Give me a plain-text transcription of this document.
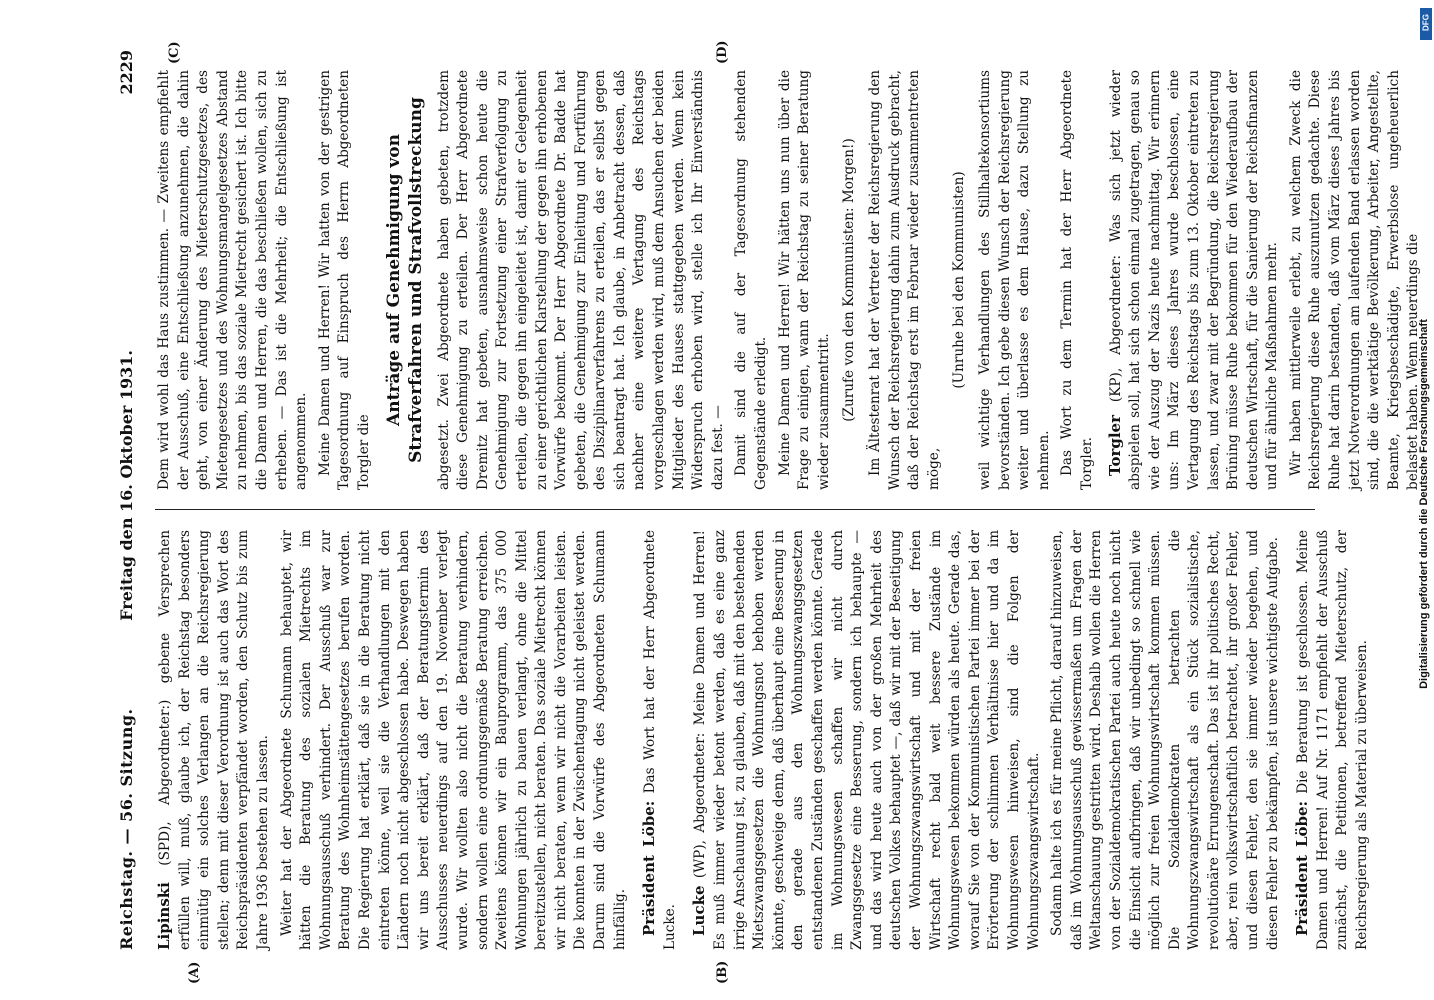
Reichstag. — 56. Sitzung.
Freitag den 16. Oktober 1931.
2229
(A)	(B)
(C)	(D)

Lipinski (SPD), Abgeordneter:) gebene Versprechen erfüllen will, muß, glaube ich, der Reichstag besonders einmütig ein solches Verlangen an die Reichsregierung stellen; denn mit dieser Verordnung ist auch das Wort des Reichspräsidenten verpfändet worden, den Schutz bis zum Jahre 1936 bestehen zu lassen. Weiter hat der Abgeordnete Schumann behauptet, wir hätten die Beratung des sozialen Mietrechts im Wohnungsausschuß verhindert. Der Ausschuß war zur Beratung des Wohnheimstättengesetzes berufen worden. Die Regierung hat erklärt, daß sie in die Beratung nicht eintreten könne, weil sie die Verhandlungen mit den Ländern noch nicht abgeschlossen habe. Deswegen haben wir uns bereit erklärt, daß der Beratungstermin des Ausschusses neuerdings auf den 19. November verlegt wurde. Wir wollten also nicht die Beratung verhindern, sondern wollen eine ordnungsgemäße Beratung erreichen. Zweitens können wir ein Bauprogramm, das 375 000 Wohnungen jährlich zu bauen verlangt, ohne die Mittel bereitzustellen, nicht beraten. Das soziale Mietrecht können wir nicht beraten, wenn wir nicht die Vorarbeiten leisten. Die konnten in der Zwischentagung nicht geleistet werden. Darum sind die Vorwürfe des Abgeordneten Schumann hinfällig. Präsident Löbe: Das Wort hat der Herr Abgeordnete Lucke. Lucke (WP), Abgeordneter: Meine Damen und Herren! Es muß immer wieder betont werden, daß es eine ganz irrige Anschauung ist, zu glauben, daß mit den bestehenden Mietszwangsgesetzen die Wohnungsnot behoben werden könnte, geschweige denn, daß überhaupt eine Besserung in den gerade aus den Wohnungszwangsgesetzen entstandenen Zuständen geschaffen werden könnte. Gerade im Wohnungswesen schaffen wir nicht durch Zwangsgesetze eine Besserung, sondern ich behaupte — und das wird heute auch von der großen Mehrheit des deutschen Volkes behauptet —, daß wir mit der Beseitigung der Wohnungszwangswirtschaft und mit der freien Wirtschaft recht bald weit bessere Zustände im Wohnungswesen bekommen würden als heute. Gerade das, worauf Sie von der Kommunistischen Partei immer bei der Erörterung der schlimmen Verhältnisse hier und da im Wohnungswesen hinweisen, sind die Folgen der Wohnungszwangswirtschaft. Sodann halte ich es für meine Pflicht, darauf hinzuweisen, daß im Wohnungsausschuß gewissermaßen um Fragen der Weltanschauung gestritten wird. Deshalb wollen die Herren von der Sozialdemokratischen Partei auch heute noch nicht die Einsicht aufbringen, daß wir unbedingt so schnell wie möglich zur freien Wohnungswirtschaft kommen müssen. Die Sozialdemokraten betrachten die Wohnungszwangswirtschaft als ein Stück sozialistische, revolutionäre Errungenschaft. Das ist ihr politisches Recht, aber, rein volkswirtschaftlich betrachtet, ihr großer Fehler, und diesen Fehler, den sie immer wieder begehen, und diesen Fehler zu bekämpfen, ist unsere wichtigste Aufgabe. Präsident Löbe: Die Beratung ist geschlossen. Meine Damen und Herren! Auf Nr. 1171 empfiehlt der Ausschuß zunächst, die Petitionen, betreffend Mieterschutz, der Reichsregierung als Material zu überweisen.

Dem wird wohl das Haus zustimmen. — Zweitens empfiehlt der Ausschuß, eine Entschließung anzunehmen, die dahin geht, von einer Änderung des Mieterschutzgesetzes, des Mietengesetzes und des Wohnungsmangelgesetzes Abstand zu nehmen, bis das soziale Mietrecht gesichert ist. Ich bitte die Damen und Herren, die das beschließen wollen, sich zu erheben. — Das ist die Mehrheit; die Entschließung ist angenommen. Meine Damen und Herren! Wir hatten von der gestrigen Tagesordnung auf Einspruch des Herrn Abgeordneten Torgler die

Anträge auf Genehmigung von Strafverfahren und Strafvollstreckung abgesetzt. Zwei Abgeordnete haben gebeten, trotzdem diese Genehmigung zu erteilen. Der Herr Abgeordnete Dremitz hat gebeten, ausnahmsweise schon heute die Genehmigung zur Fortsetzung einer Strafverfolgung zu erteilen, die gegen ihn eingeleitet ist, damit er Gelegenheit zu einer gerichtlichen Klarstellung der gegen ihn erhobenen Vorwürfe bekommt. Der Herr Abgeordnete Dr. Badde hat gebeten, die Genehmigung zur Einleitung und Fortführung des Disziplinarverfahrens zu erteilen, das er selbst gegen sich beantragt hat. Ich glaube, in Anbetracht dessen, daß nachher eine weitere Vertagung des Reichstags vorgeschlagen werden wird, muß dem Ansuchen der beiden Mitglieder des Hauses stattgegeben werden. Wenn kein Widerspruch erhoben wird, stelle ich Ihr Einverständnis dazu fest. — Damit sind die auf der Tagesordnung stehenden Gegenstände erledigt. Meine Damen und Herren! Wir hätten uns nun über die Frage zu einigen, wann der Reichstag zu seiner Beratung wieder zusammentritt. (Zurufe von den Kommunisten: Morgen!) Im Ältestenrat hat der Vertreter der Reichsregierung den Wunsch der Reichsregierung dahin zum Ausdruck gebracht, daß der Reichstag erst im Februar wieder zusammentreten möge,

(Unruhe bei den Kommunisten) weil wichtige Verhandlungen des Stillhaltekonsortiums bevorständen. Ich gebe diesen Wunsch der Reichsregierung weiter und überlasse es dem Hause, dazu Stellung zu nehmen. Das Wort zu dem Termin hat der Herr Abgeordnete Torgler. Torgler (KP), Abgeordneter: Was sich jetzt wieder abspielen soll, hat sich schon einmal zugetragen, genau so wie der Auszug der Nazis heute nachmittag. Wir erinnern uns: Im März dieses Jahres wurde beschlossen, eine Vertagung des Reichstags bis zum 13. Oktober eintreten zu lassen, und zwar mit der Begründung, die Reichsregierung Brüning müsse Ruhe bekommen für den Wiederaufbau der deutschen Wirtschaft, für die Sanierung der Reichsfinanzen und für ähnliche Maßnahmen mehr. Wir haben mittlerweile erlebt, zu welchem Zweck die Reichsregierung diese Ruhe auszunutzen gedachte. Diese Ruhe hat darin bestanden, daß vom März dieses Jahres bis jetzt Notverordnungen am laufenden Band erlassen worden sind, die die werktätige Bevölkerung, Arbeiter, Angestellte, Beamte, Kriegsbeschädigte, Erwerbslose ungeheuerlich belastet haben. Wenn neuerdings die

Digitalisierung gefördert durch die Deutsche Forschungsgemeinschaft
DFG
